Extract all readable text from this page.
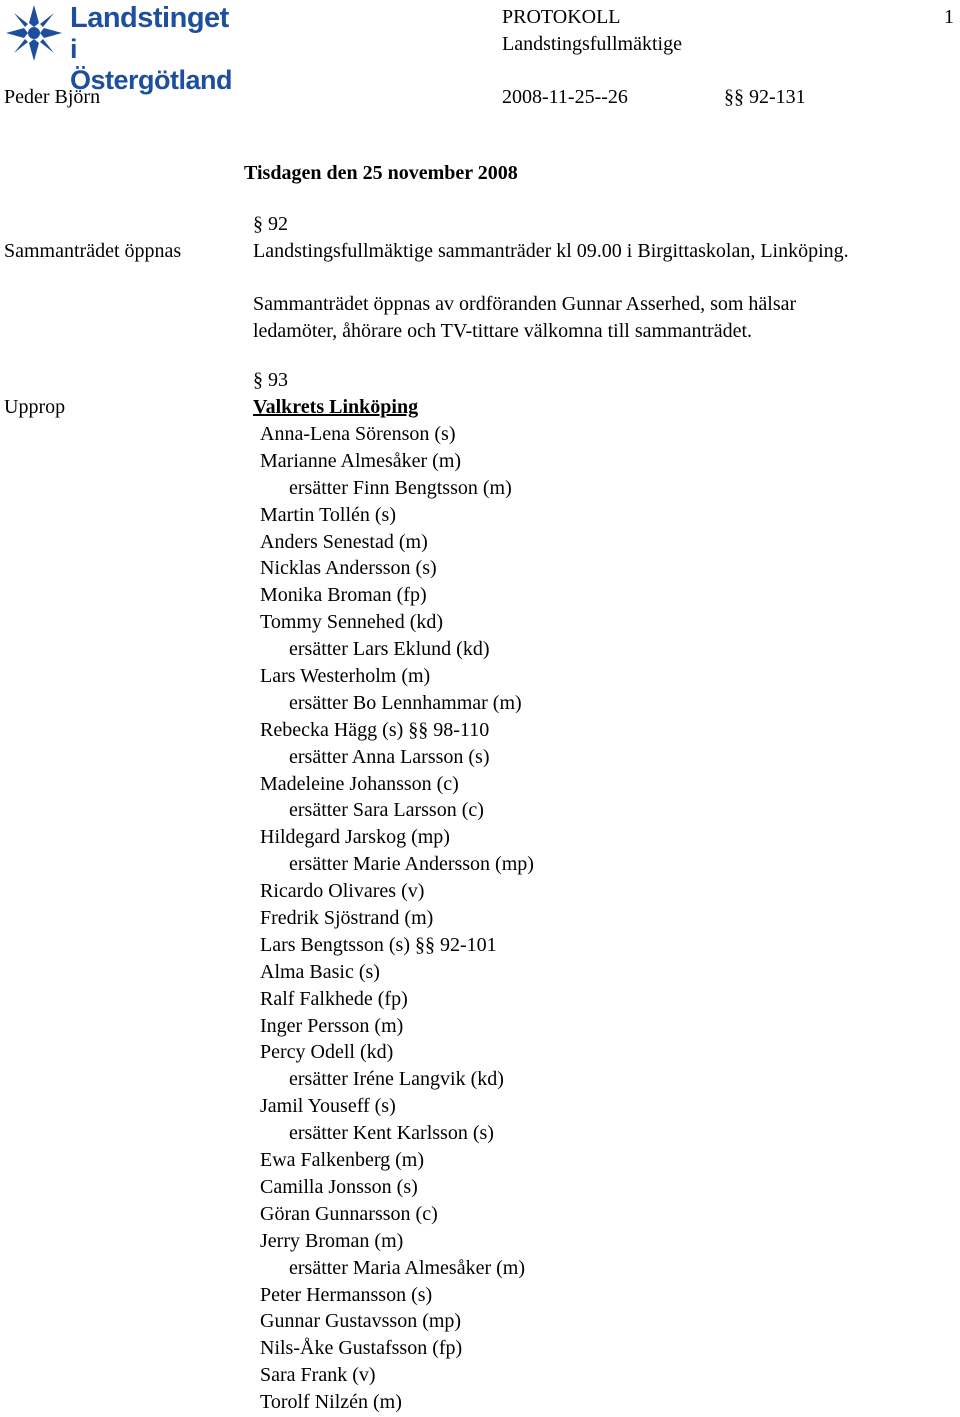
Landstinget
i Östergötland
PROTOKOLL	1
Landstingsfullmäktige
Peder Björn	2008-11-25--26	§§ 92-131
Tisdagen den 25 november 2008
§ 92
Sammanträdet öppnas	Landstingsfullmäktige sammanträder kl 09.00 i Birgittaskolan, Linköping.
Sammanträdet öppnas av ordföranden Gunnar Asserhed, som hälsar
ledamöter, åhörare och TV-tittare välkomna till sammanträdet.
§ 93
Upprop	Valkrets Linköping
Anna-Lena Sörenson (s)
Marianne Almesåker (m)
ersätter Finn Bengtsson (m)
Martin Tollén (s)
Anders Senestad (m)
Nicklas Andersson (s)
Monika Broman (fp)
Tommy Sennehed (kd)
ersätter Lars Eklund (kd)
Lars Westerholm (m)
ersätter Bo Lennhammar (m)
Rebecka Hägg (s) §§ 98-110
ersätter Anna Larsson (s)
Madeleine Johansson (c)
ersätter Sara Larsson (c)
Hildegard Jarskog (mp)
ersätter Marie Andersson (mp)
Ricardo Olivares (v)
Fredrik Sjöstrand (m)
Lars Bengtsson (s) §§ 92-101
Alma Basic (s)
Ralf Falkhede (fp)
Inger Persson (m)
Percy Odell (kd)
ersätter Iréne Langvik (kd)
Jamil Youseff (s)
ersätter Kent Karlsson (s)
Ewa Falkenberg (m)
Camilla Jonsson (s)
Göran Gunnarsson (c)
Jerry Broman (m)
ersätter Maria Almesåker (m)
Peter Hermansson (s)
Gunnar Gustavsson (mp)
Nils-Åke Gustafsson (fp)
Sara Frank (v)
Torolf Nilzén (m)
